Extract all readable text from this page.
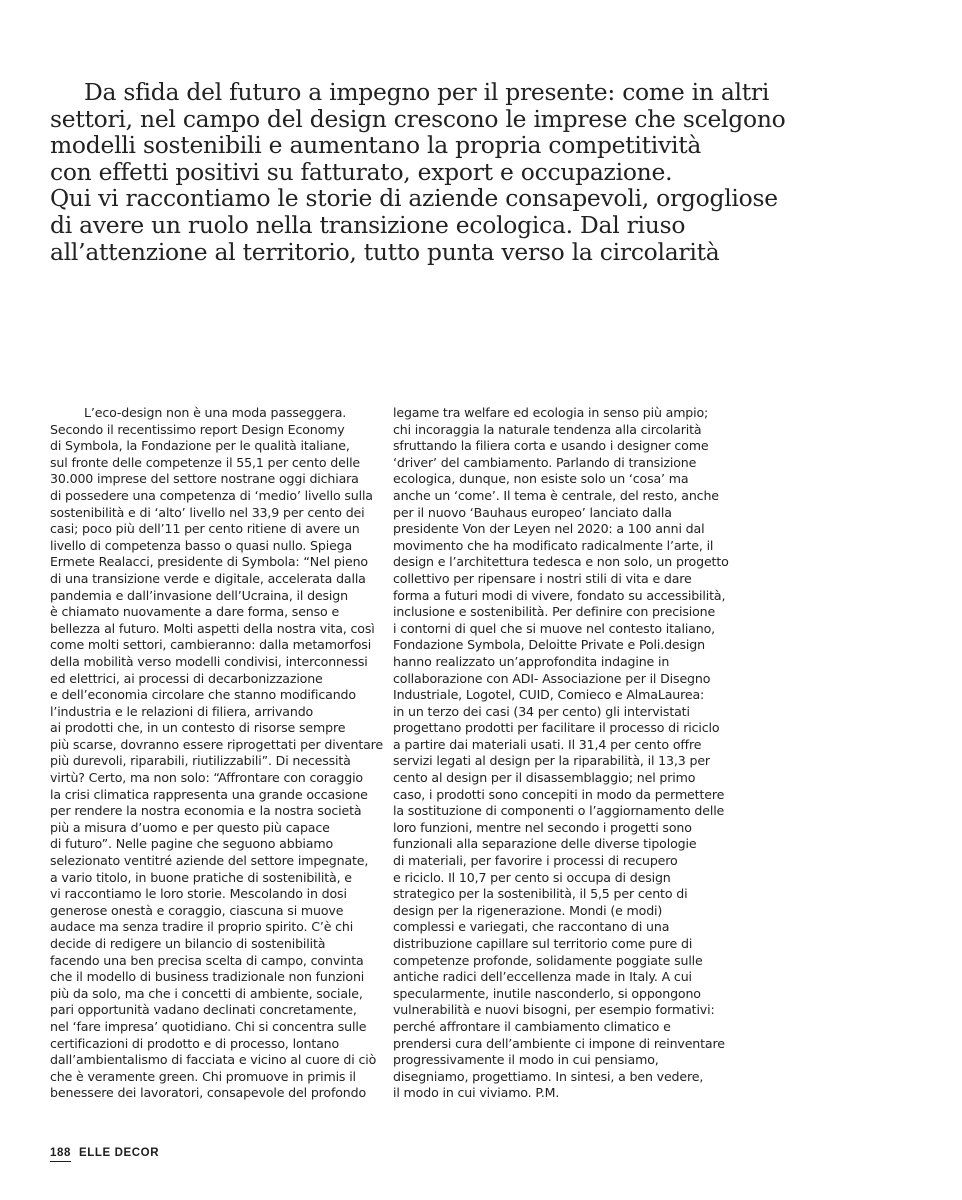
Da sfida del futuro a impegno per il presente: come in altri
settori, nel campo del design crescono le imprese che scelgono
modelli sostenibili e aumentano la propria competitività
con effetti positivi su fatturato, export e occupazione.
Qui vi raccontiamo le storie di aziende consapevoli, orgogliose
di avere un ruolo nella transizione ecologica. Dal riuso
all’attenzione al territorio, tutto punta verso la circolarità
L’eco-design non è una moda passeggera.
Secondo il recentissimo report Design Economy
di Symbola, la Fondazione per le qualità italiane,
sul fronte delle competenze il 55,1 per cento delle
30.000 imprese del settore nostrane oggi dichiara
di possedere una competenza di ‘medio’ livello sulla
sostenibilità e di ‘alto’ livello nel 33,9 per cento dei
casi; poco più dell’11 per cento ritiene di avere un
livello di competenza basso o quasi nullo. Spiega
Ermete Realacci, presidente di Symbola: “Nel pieno
di una transizione verde e digitale, accelerata dalla
pandemia e dall’invasione dell’Ucraina, il design
è chiamato nuovamente a dare forma, senso e
bellezza al futuro. Molti aspetti della nostra vita, così
come molti settori, cambieranno: dalla metamorfosi
della mobilità verso modelli condivisi, interconnessi
ed elettrici, ai processi di decarbonizzazione
e dell’economia circolare che stanno modificando
l’industria e le relazioni di filiera, arrivando
ai prodotti che, in un contesto di risorse sempre
più scarse, dovranno essere riprogettati per diventare
più durevoli, riparabili, riutilizzabili”. Di necessità
virtù? Certo, ma non solo: “Affrontare con coraggio
la crisi climatica rappresenta una grande occasione
per rendere la nostra economia e la nostra società
più a misura d’uomo e per questo più capace
di futuro”. Nelle pagine che seguono abbiamo
selezionato ventitré aziende del settore impegnate,
a vario titolo, in buone pratiche di sostenibilità, e
vi raccontiamo le loro storie. Mescolando in dosi
generose onestà e coraggio, ciascuna si muove
audace ma senza tradire il proprio spirito. C’è chi
decide di redigere un bilancio di sostenibilità
facendo una ben precisa scelta di campo, convinta
che il modello di business tradizionale non funzioni
più da solo, ma che i concetti di ambiente, sociale,
pari opportunità vadano declinati concretamente,
nel ‘fare impresa’ quotidiano. Chi si concentra sulle
certificazioni di prodotto e di processo, lontano
dall’ambientalismo di facciata e vicino al cuore di ciò
che è veramente green. Chi promuove in primis il
benessere dei lavoratori, consapevole del profondo
legame tra welfare ed ecologia in senso più ampio;
chi incoraggia la naturale tendenza alla circolarità
sfruttando la filiera corta e usando i designer come
‘driver’ del cambiamento. Parlando di transizione
ecologica, dunque, non esiste solo un ‘cosa’ ma
anche un ‘come’. Il tema è centrale, del resto, anche
per il nuovo ‘Bauhaus europeo’ lanciato dalla
presidente Von der Leyen nel 2020: a 100 anni dal
movimento che ha modificato radicalmente l’arte, il
design e l’architettura tedesca e non solo, un progetto
collettivo per ripensare i nostri stili di vita e dare
forma a futuri modi di vivere, fondato su accessibilità,
inclusione e sostenibilità. Per definire con precisione
i contorni di quel che si muove nel contesto italiano,
Fondazione Symbola, Deloitte Private e Poli.design
hanno realizzato un’approfondita indagine in
collaborazione con ADI- Associazione per il Disegno
Industriale, Logotel, CUID, Comieco e AlmaLaurea:
in un terzo dei casi (34 per cento) gli intervistati
progettano prodotti per facilitare il processo di riciclo
a partire dai materiali usati. Il 31,4 per cento offre
servizi legati al design per la riparabilità, il 13,3 per
cento al design per il disassemblaggio; nel primo
caso, i prodotti sono concepiti in modo da permettere
la sostituzione di componenti o l’aggiornamento delle
loro funzioni, mentre nel secondo i progetti sono
funzionali alla separazione delle diverse tipologie
di materiali, per favorire i processi di recupero
e riciclo. Il 10,7 per cento si occupa di design
strategico per la sostenibilità, il 5,5 per cento di
design per la rigenerazione. Mondi (e modi)
complessi e variegati, che raccontano di una
distribuzione capillare sul territorio come pure di
competenze profonde, solidamente poggiate sulle
antiche radici dell’eccellenza made in Italy. A cui
specularmente, inutile nasconderlo, si oppongono
vulnerabilità e nuovi bisogni, per esempio formativi:
perché affrontare il cambiamento climatico e
prendersi cura dell’ambiente ci impone di reinventare
progressivamente il modo in cui pensiamo,
disegniamo, progettiamo. In sintesi, a ben vedere,
il modo in cui viviamo. P.M.
188 ELLE DECOR
